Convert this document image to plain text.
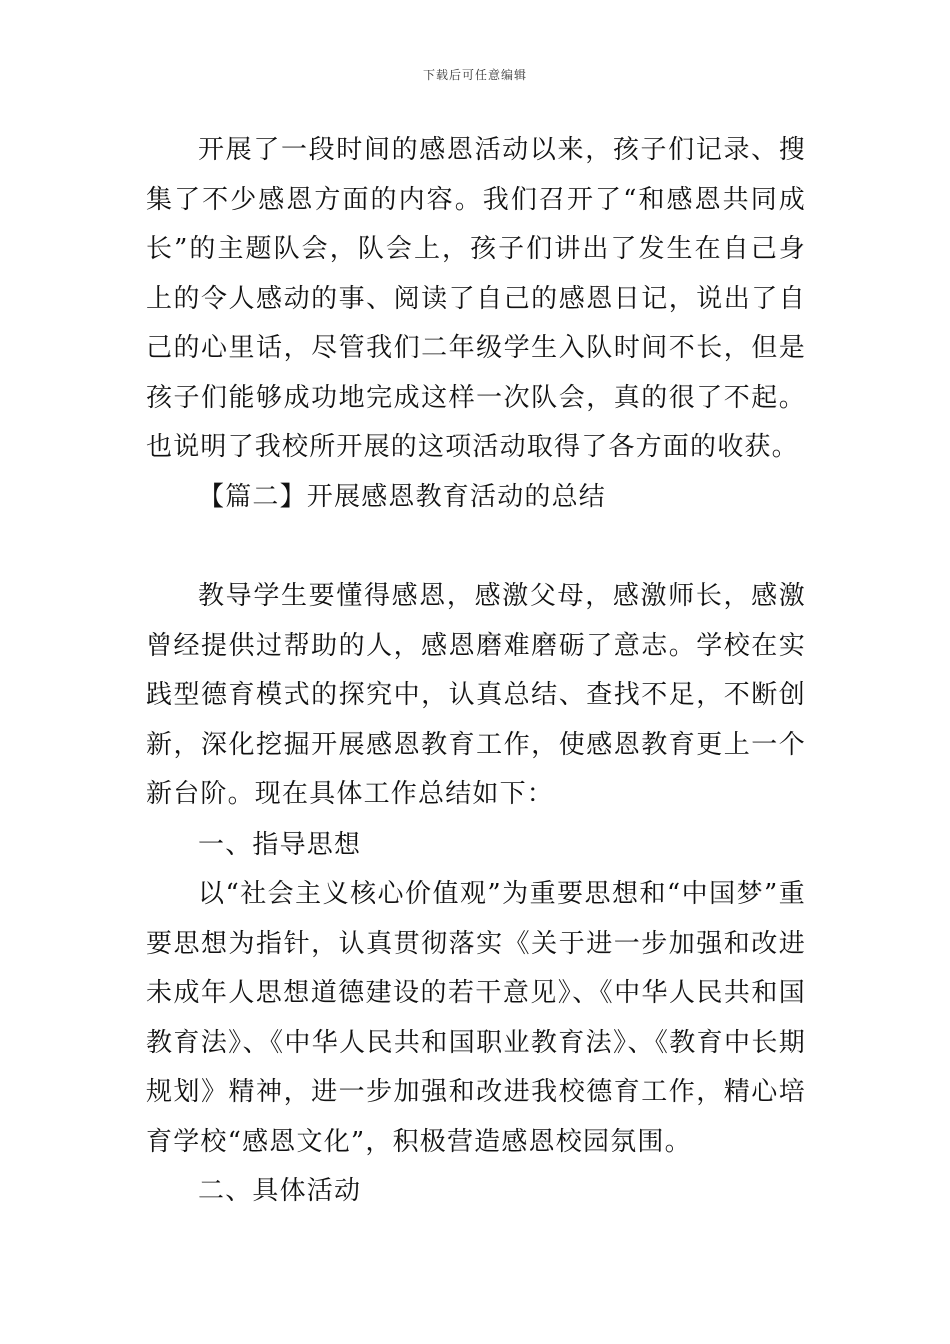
下载后可任意编辑

开展了一段时间的感恩活动以来，孩子们记录、搜集了不少感恩方面的内容。我们召开了“和感恩共同成长”的主题队会，队会上，孩子们讲出了发生在自己身上的令人感动的事、阅读了自己的感恩日记，说出了自己的心里话，尽管我们二年级学生入队时间不长，但是孩子们能够成功地完成这样一次队会，真的很了不起。也说明了我校所开展的这项活动取得了各方面的收获。

【篇二】开展感恩教育活动的总结

教导学生要懂得感恩，感激父母，感激师长，感激曾经提供过帮助的人，感恩磨难磨砺了意志。学校在实践型德育模式的探究中，认真总结、查找不足，不断创新，深化挖掘开展感恩教育工作，使感恩教育更上一个新台阶。现在具体工作总结如下：

一、指导思想

以“社会主义核心价值观”为重要思想和“中国梦”重要思想为指针，认真贯彻落实《关于进一步加强和改进未成年人思想道德建设的若干意见》、《中华人民共和国教育法》、《中华人民共和国职业教育法》、《教育中长期规划》精神，进一步加强和改进我校德育工作，精心培育学校“感恩文化”，积极营造感恩校园氛围。

二、具体活动
